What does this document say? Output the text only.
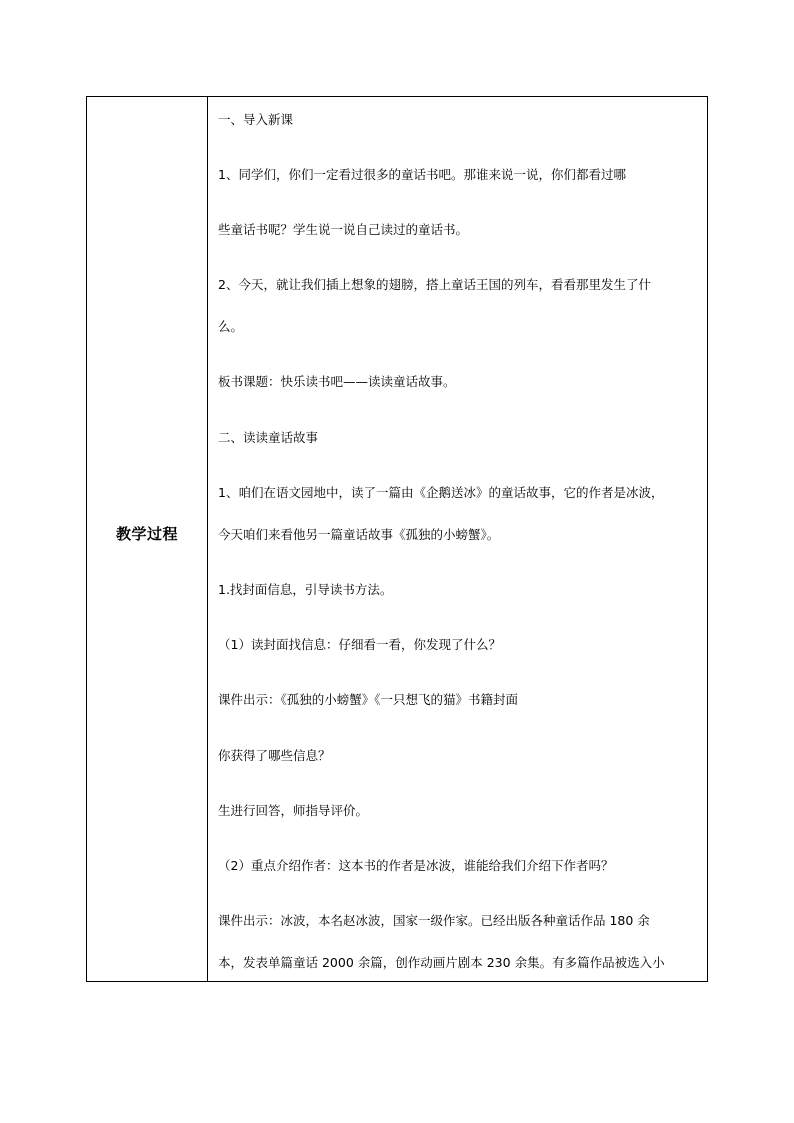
教学过程
一、导入新课
1、同学们，你们一定看过很多的童话书吧。那谁来说一说，你们都看过哪
些童话书呢？学生说一说自己读过的童话书。
2、今天，就让我们插上想象的翅膀，搭上童话王国的列车，看看那里发生了什
么。
板书课题：快乐读书吧——读读童话故事。
二、读读童话故事
1、咱们在语文园地中，读了一篇由《企鹅送冰》的童话故事，它的作者是冰波，
今天咱们来看他另一篇童话故事《孤独的小螃蟹》。
1.找封面信息，引导读书方法。
（1）读封面找信息：仔细看一看，你发现了什么？
课件出示：《孤独的小螃蟹》《一只想飞的猫》书籍封面
你获得了哪些信息？
生进行回答，师指导评价。
（2）重点介绍作者：这本书的作者是冰波，谁能给我们介绍下作者吗？
课件出示：冰波，本名赵冰波，国家一级作家。已经出版各种童话作品 180 余
本，发表单篇童话 2000 余篇，创作动画片剧本 230 余集。有多篇作品被选入小
